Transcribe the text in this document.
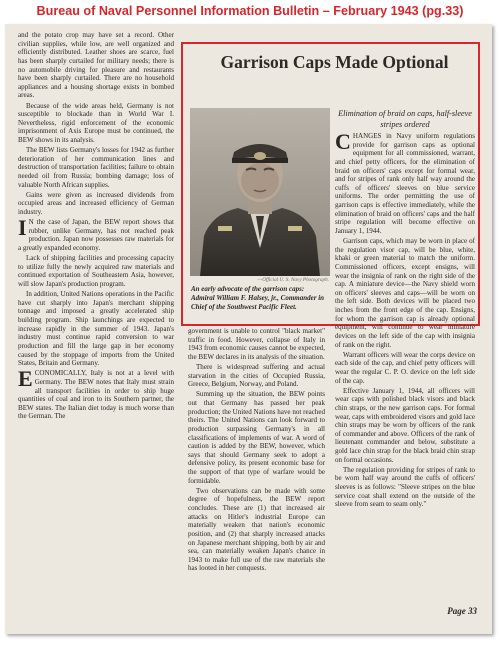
Bureau of Naval Personnel Information Bulletin – February 1943 (pg.33)

and the potato crop may have set a record. Other civilian supplies, while low, are well organized and efficiently distributed. Leather shoes are scarce, fuel has been sharply curtailed for military needs; there is no automobile driving for pleasure and restaurants have been sharply curtailed. There are no household appliances and a housing shortage exists in bombed areas.

Because of the wide areas held, Germany is not susceptible to blockade than in World War I. Nevertheless, rigid enforcement of the economic imprisonment of Axis Europe must be continued, the BEW shows in its analysis.

The BEW lists Germany's losses for 1942 as further deterioration of her communication lines and destruction of transportation facilities; failure to obtain needed oil from Russia; bombing damage; loss of valuable North African supplies.

Gains were given as increased dividends from occupied areas and increased efficiency of German industry.

IN the case of Japan, the BEW report shows that rubber, unlike Germany, has not reached peak production. Japan now possesses raw materials for a greatly expanded economy.

Lack of shipping facilities and processing capacity to utilize fully the newly acquired raw materials and continued exportation of Southeastern Asia, however, will slow Japan's production program.

In addition, United Nations operations in the Pacific have cut sharply into Japan's merchant shipping tonnage and imposed a greatly accelerated ship building program. Ship launchings are expected to increase rapidly in the summer of 1943. Japan's industry must continue rapid conversion to war production and fill the large gap in her economy caused by the stoppage of imports from the United States, Britain and Germany.

ECONOMICALLY, Italy is not at a level with Germany. The BEW notes that Italy must strain all transport facilities in order to ship huge quantities of coal and iron to its Southern partner, the BEW states. The Italian diet today is much worse than the German. The

Garrison Caps Made Optional
Elimination of braid on caps, half-sleeve stripes ordered
—Official U. S. Navy Photograph.
An early advocate of the garrison caps: Admiral William F. Halsey, jr., Commander in Chief of the Southwest Pacific Fleet.

CHANGES in Navy uniform regulations provide for garrison caps as optional equipment for all commissioned, warrant, and chief petty officers, for the elimination of braid on officers' caps except for formal wear, and for stripes of rank only half way around the cuffs of officers' sleeves on blue service uniforms. The order permitting the use of garrison caps is effective immediately, while the elimination of braid on officers' caps and the half stripe regulation will become effective on January 1, 1944.

Garrison caps, which may be worn in place of the regulation visor cap, will be blue, white, khaki or green material to match the uniform. Commissioned officers, except ensigns, will wear the insignia of rank on the right side of the cap. A miniature device—the Navy shield worn on officers' sleeves and caps—will be worn on the left side. Both devices will be placed two inches from the front edge of the cap. Ensigns, for whom the garrison cap is already optional equipment, will continue to wear miniature devices on the left side of the cap with insignia of rank on the right.

Warrant officers will wear the corps device on each side of the cap, and chief petty officers will wear the regular C. P. O. device on the left side of the cap.

Effective January 1, 1944, all officers will wear caps with polished black visors and black chin straps, or the new garrison caps. For formal wear, caps with embroidered visors and gold lace chin straps may be worn by officers of the rank of commander and above. Officers of the rank of lieutenant commander and below, substitute a gold lace chin strap for the black braid chin strap on formal occasions.

The regulation providing for stripes of rank to be worn half way around the cuffs of officers' sleeves is as follows: "Sleeve stripes on the blue service coat shall extend on the outside of the sleeve from seam to seam only."

government is unable to control "black market" traffic in food. However, collapse of Italy in 1943 from economic causes cannot be expected, the BEW declares in its analysis of the situation.

There is widespread suffering and actual starvation in the cities of Occupied Russia, Greece, Belgium, Norway, and Poland.

Summing up the situation, the BEW points out that Germany has passed her peak production; the United Nations have not reached theirs. The United Nations can look forward to production surpassing Germany's in all classifications of implements of war. A word of caution is added by the BEW, however, which says that should Germany seek to adopt a defensive policy, its present economic base for the support of that type of warfare would be formidable.

Two observations can be made with some degree of hopefulness, the BEW report concludes. These are (1) that increased air attacks on Hitler's industrial Europe can materially weaken that nation's economic position, and (2) that sharply increased attacks on Japanese merchant shipping, both by air and sea, can materially weaken Japan's chance in 1943 to make full use of the raw materials she has looted in her conquests.

Page 33
